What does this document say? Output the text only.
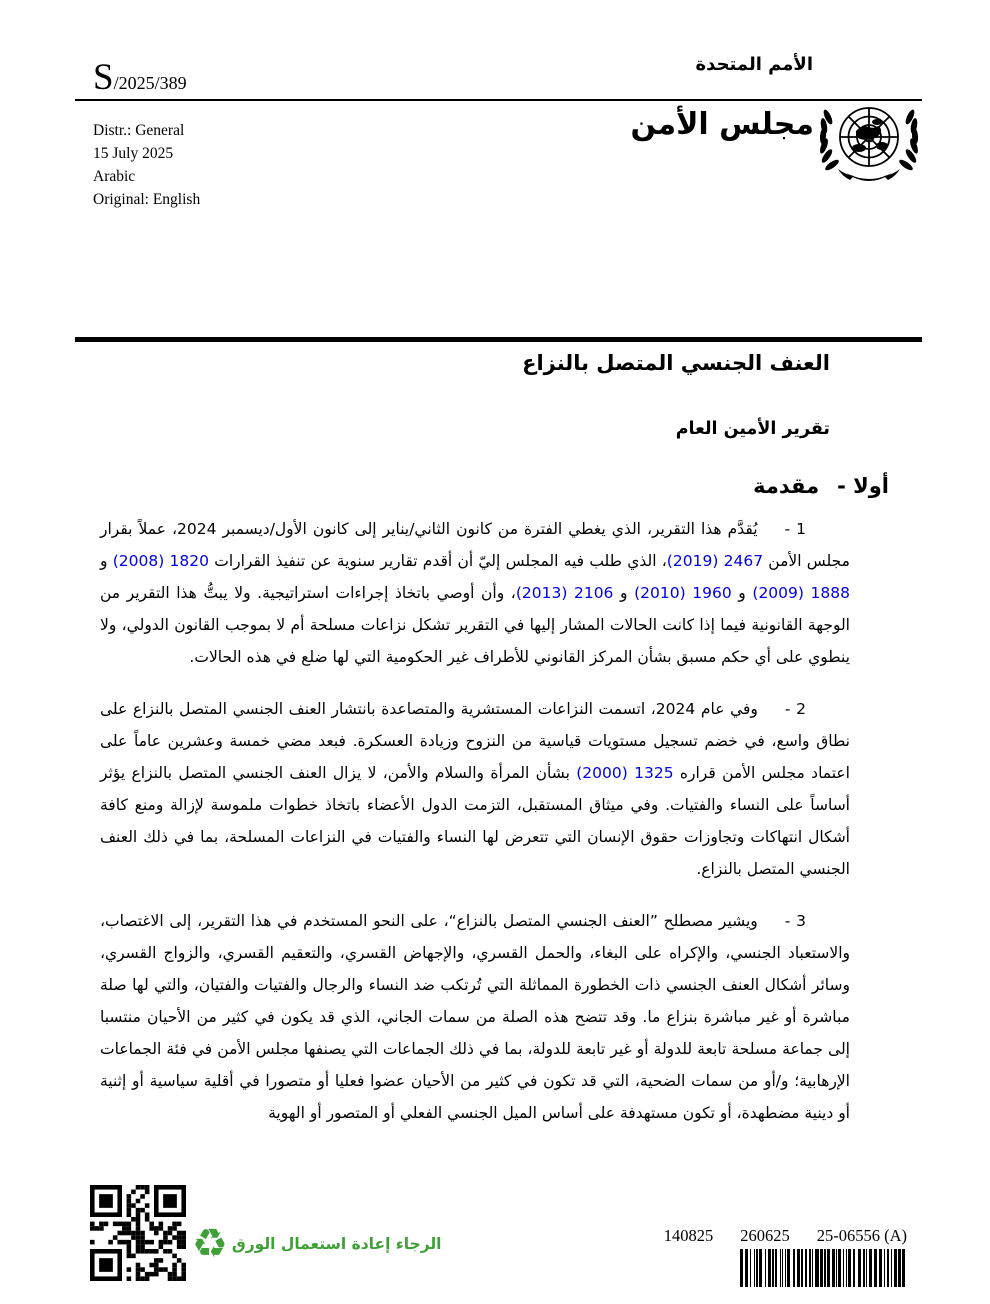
S/2025/389
الأمم المتحدة
Distr.: General
15 July 2025
Arabic
Original: English
مجلس الأمن
العنف الجنسي المتصل بالنزاع
تقرير الأمين العام
أولا -
مقدمة
1 -يُقدَّم هذا التقرير، الذي يغطي الفترة من كانون الثاني/يناير إلى كانون الأول/ديسمبر 2024، عملاً بقرار مجلس الأمن 2467 (2019)، الذي طلب فيه المجلس إليّ أن أقدم تقارير سنوية عن تنفيذ القرارات 1820 (2008) و 1888 (2009) و 1960 (2010) و 2106 (2013)، وأن أوصي باتخاذ إجراءات استراتيجية. ولا يبتُّ هذا التقرير من الوجهة القانونية فيما إذا كانت الحالات المشار إليها في التقرير تشكل نزاعات مسلحة أم لا بموجب القانون الدولي، ولا ينطوي على أي حكم مسبق بشأن المركز القانوني للأطراف غير الحكومية التي لها ضلع في هذه الحالات.
2 -وفي عام 2024، اتسمت النزاعات المستشرية والمتصاعدة بانتشار العنف الجنسي المتصل بالنزاع على نطاق واسع، في خضم تسجيل مستويات قياسية من النزوح وزيادة العسكرة. فبعد مضي خمسة وعشرين عاماً على اعتماد مجلس الأمن قراره 1325 (2000) بشأن المرأة والسلام والأمن، لا يزال العنف الجنسي المتصل بالنزاع يؤثر أساساً على النساء والفتيات. وفي ميثاق المستقبل، التزمت الدول الأعضاء باتخاذ خطوات ملموسة لإزالة ومنع كافة أشكال انتهاكات وتجاوزات حقوق الإنسان التي تتعرض لها النساء والفتيات في النزاعات المسلحة، بما في ذلك العنف الجنسي المتصل بالنزاع.
3 -ويشير مصطلح ”العنف الجنسي المتصل بالنزاع“، على النحو المستخدم في هذا التقرير، إلى الاغتصاب، والاستعباد الجنسي، والإكراه على البغاء، والحمل القسري، والإجهاض القسري، والتعقيم القسري، والزواج القسري، وسائر أشكال العنف الجنسي ذات الخطورة المماثلة التي تُرتكب ضد النساء والرجال والفتيات والفتيان، والتي لها صلة مباشرة أو غير مباشرة بنزاع ما. وقد تتضح هذه الصلة من سمات الجاني، الذي قد يكون في كثير من الأحيان منتسبا إلى جماعة مسلحة تابعة للدولة أو غير تابعة للدولة، بما في ذلك الجماعات التي يصنفها مجلس الأمن في فئة الجماعات الإرهابية؛ و/أو من سمات الضحية، التي قد تكون في كثير من الأحيان عضوا فعليا أو متصورا في أقلية سياسية أو إثنية أو دينية مضطهدة، أو تكون مستهدفة على أساس الميل الجنسي الفعلي أو المتصور أو الهوية
♻ الرجاء إعادة استعمال الورق	140825 260625 25-06556 (A)
